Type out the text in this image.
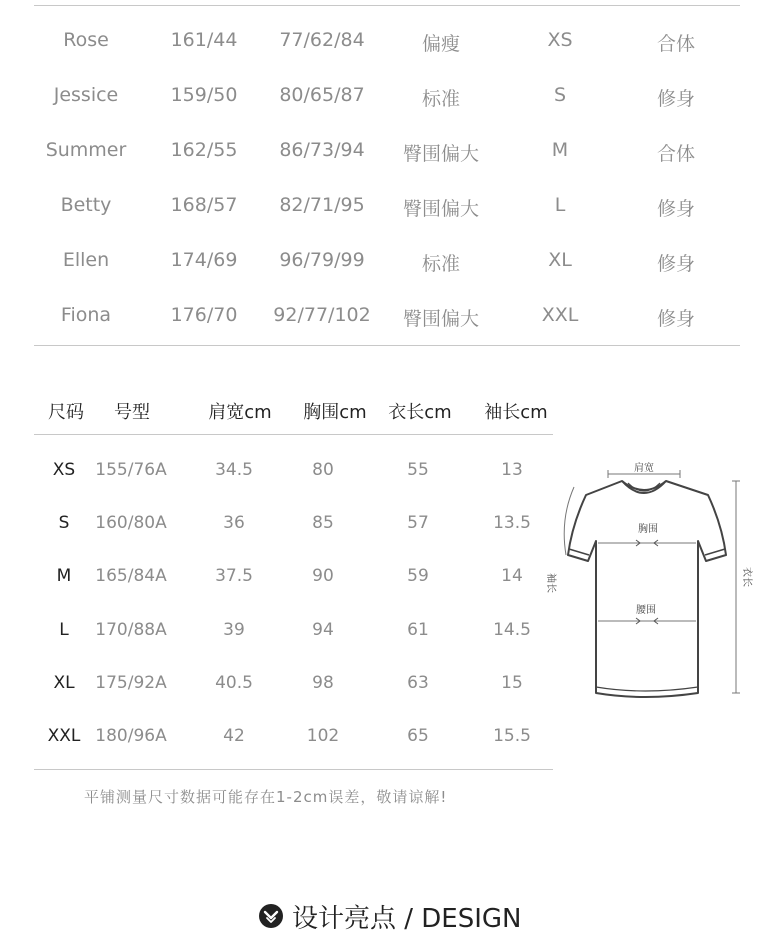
Rose	161/44	77/62/84	偏瘦	XS	合体
Jessice	159/50	80/65/87	标准	S	修身
Summer	162/55	86/73/94	臀围偏大	M	合体
Betty	168/57	82/71/95	臀围偏大	L	修身
Ellen	174/69	96/79/99	标准	XL	修身
Fiona	176/70	92/77/102	臀围偏大	XXL	修身
尺码	号型	肩宽cm	胸围cm	衣长cm	袖长cm
XS	155/76A	34.5	80	55	13
S	160/80A	36	85	57	13.5
M	165/84A	37.5	90	59	14
L	170/88A	39	94	61	14.5
XL	175/92A	40.5	98	63	15
XXL 180/96A	42	102	65	15.5
肩宽
胸围
腰围
袖长	衣长
平铺测量尺寸数据可能存在1-2cm误差，敬请谅解!
设计亮点 / DESIGN
